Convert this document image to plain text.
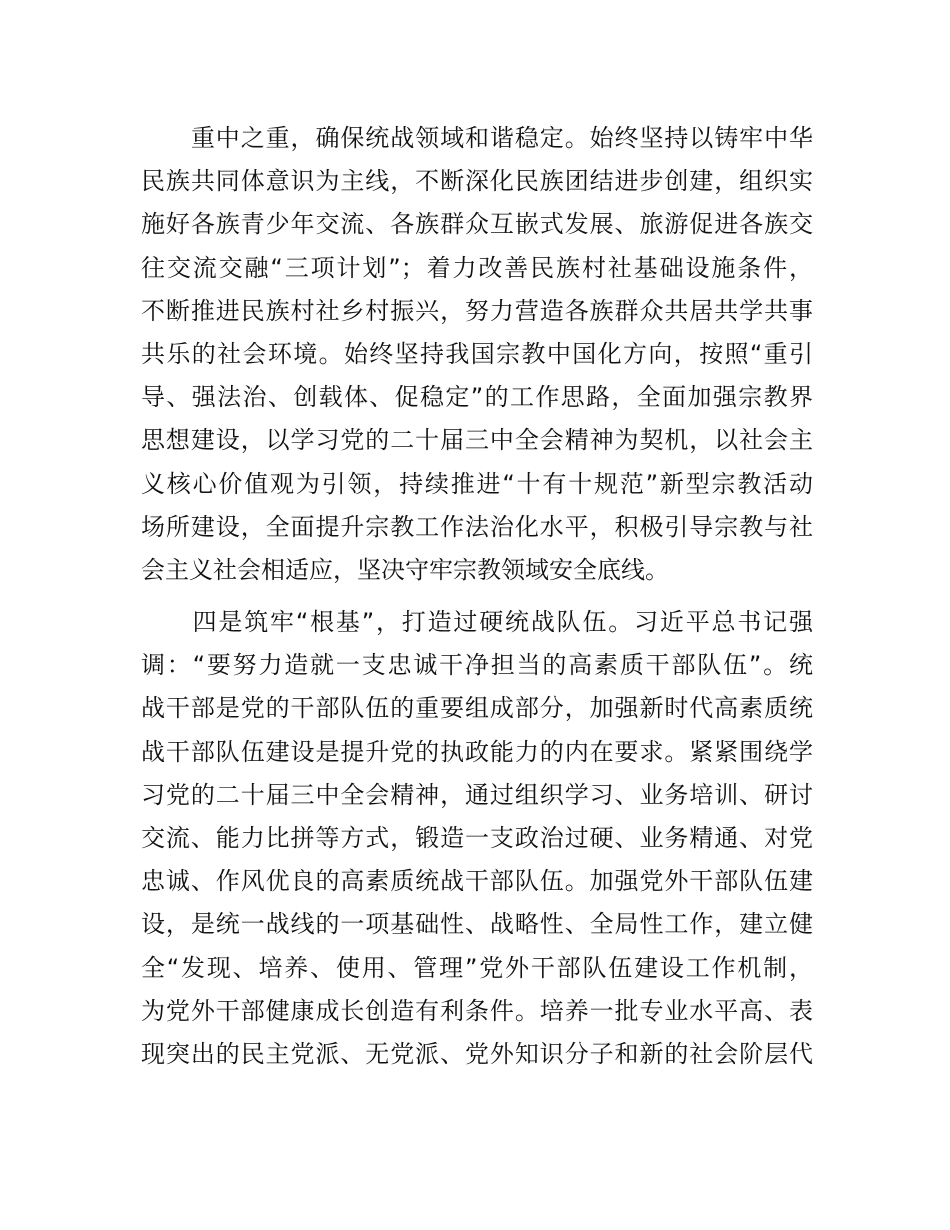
　　重中之重，确保统战领域和谐稳定。始终坚持以铸牢中华
民族共同体意识为主线，不断深化民族团结进步创建，组织实
施好各族青少年交流、各族群众互嵌式发展、旅游促进各族交
往交流交融“三项计划”；着力改善民族村社基础设施条件，
不断推进民族村社乡村振兴，努力营造各族群众共居共学共事
共乐的社会环境。始终坚持我国宗教中国化方向，按照“重引
导、强法治、创载体、促稳定”的工作思路，全面加强宗教界
思想建设，以学习党的二十届三中全会精神为契机，以社会主
义核心价值观为引领，持续推进“十有十规范”新型宗教活动
场所建设，全面提升宗教工作法治化水平，积极引导宗教与社
会主义社会相适应，坚决守牢宗教领域安全底线。
　　四是筑牢“根基”，打造过硬统战队伍。习近平总书记强
调：“要努力造就一支忠诚干净担当的高素质干部队伍”。统
战干部是党的干部队伍的重要组成部分，加强新时代高素质统
战干部队伍建设是提升党的执政能力的内在要求。紧紧围绕学
习党的二十届三中全会精神，通过组织学习、业务培训、研讨
交流、能力比拼等方式，锻造一支政治过硬、业务精通、对党
忠诚、作风优良的高素质统战干部队伍。加强党外干部队伍建
设，是统一战线的一项基础性、战略性、全局性工作，建立健
全“发现、培养、使用、管理”党外干部队伍建设工作机制，
为党外干部健康成长创造有利条件。培养一批专业水平高、表
现突出的民主党派、无党派、党外知识分子和新的社会阶层代
